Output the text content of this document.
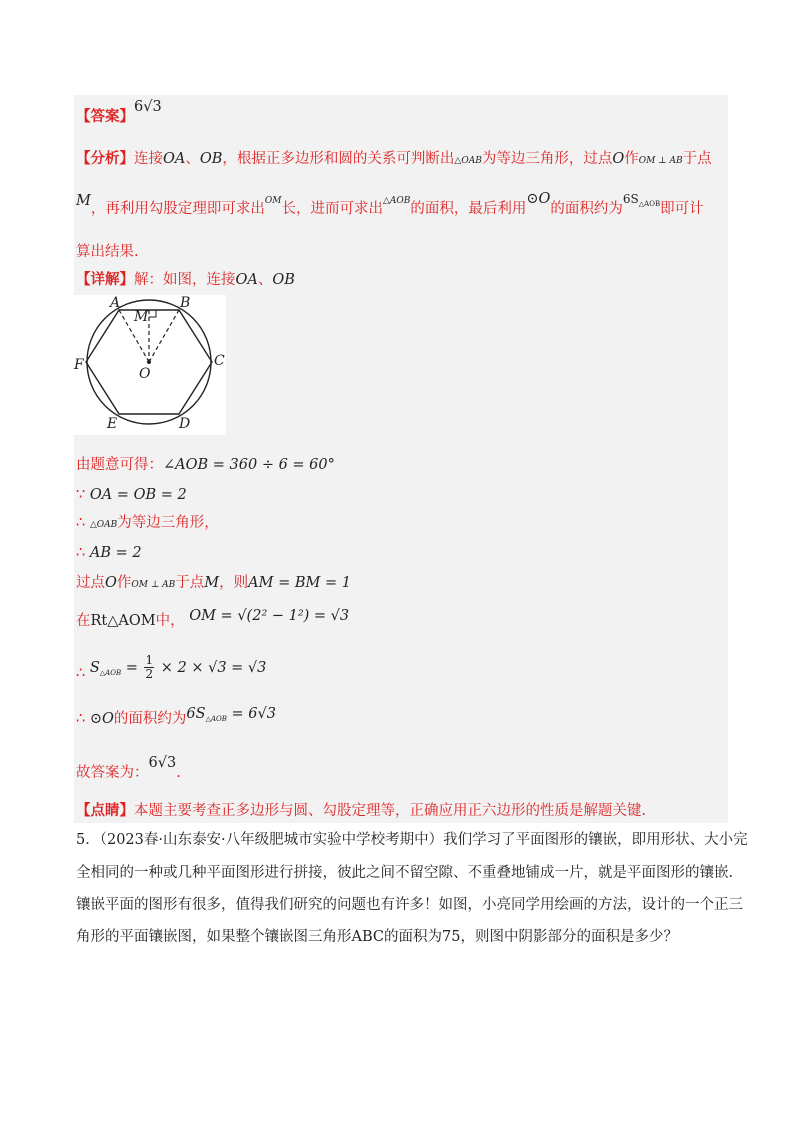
【答案】6√3
【分析】连接OA、OB，根据正多边形和圆的关系可判断出△OAB为等边三角形，过点O作OM ⊥ AB于点
M，再利用勾股定理即可求出$^{OM}$长，进而可求出$^{\triangle AOB}$的面积，最后利用⊙O的面积约为$^{6S_{\triangle AOB}}$即可计
算出结果.
【详解】解：如图，连接OA、OB
A	B
C
D
E
F
M
O
由题意可得：∠AOB = 360 ÷ 6 = 60°
∵ OA = OB = 2
∴ △OAB为等边三角形，
∴ AB = 2
过点O作OM ⊥ AB于点M，则AM = BM = 1
在Rt△AOM中， OM = √(2² − 1²) = √3
∴ $S_{\triangle AOB} = \frac{1}{2} \times 2 \times √3 = √3$
∴ ⊙O的面积约为$6S_{\triangle AOB} = 6√3$
故答案为：6√3.
【点睛】本题主要考查正多边形与圆、勾股定理等，正确应用正六边形的性质是解题关键.
5．（2023春·山东泰安·八年级肥城市实验中学校考期中）我们学习了平面图形的镶嵌，即用形状、大小完
全相同的一种或几种平面图形进行拼接，彼此之间不留空隙、不重叠地铺成一片，就是平面图形的镶嵌.
镶嵌平面的图形有很多，值得我们研究的问题也有许多！如图，小亮同学用绘画的方法，设计的一个正三
角形的平面镶嵌图，如果整个镶嵌图三角形ABC的面积为75，则图中阴影部分的面积是多少？
